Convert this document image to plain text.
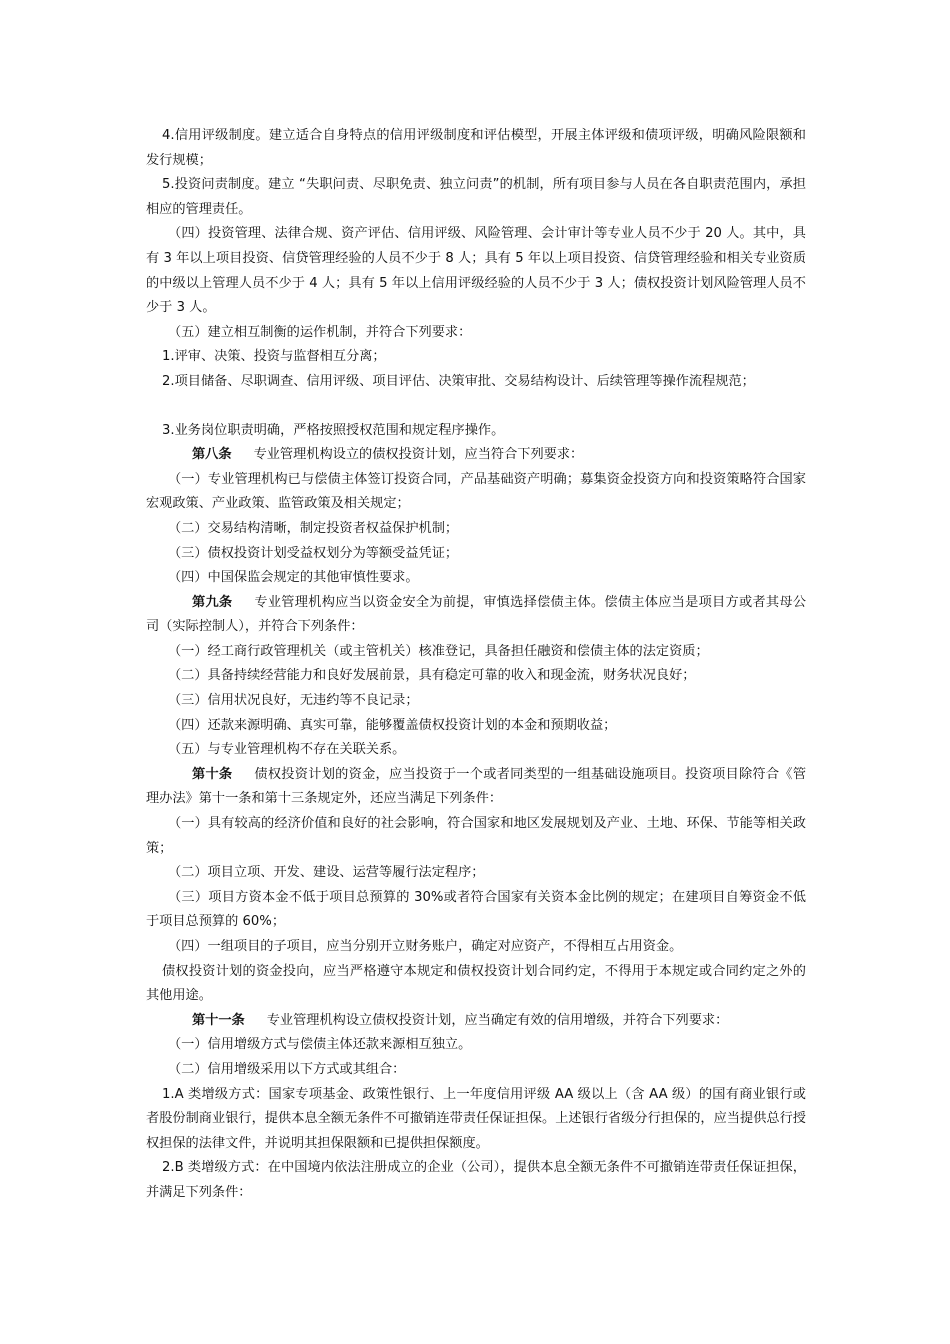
4.信用评级制度。建立适合自身特点的信用评级制度和评估模型，开展主体评级和债项评级，明确风险限额和发行规模；

5.投资问责制度。建立 “失职问责、尽职免责、独立问责”的机制，所有项目参与人员在各自职责范围内，承担相应的管理责任。

（四）投资管理、法律合规、资产评估、信用评级、风险管理、会计审计等专业人员不少于 20 人。其中，具有 3 年以上项目投资、信贷管理经验的人员不少于 8 人；具有 5 年以上项目投资、信贷管理经验和相关专业资质的中级以上管理人员不少于 4 人；具有 5 年以上信用评级经验的人员不少于 3 人；债权投资计划风险管理人员不少于 3 人。

（五）建立相互制衡的运作机制，并符合下列要求：

1.评审、决策、投资与监督相互分离；

2.项目储备、尽职调查、信用评级、项目评估、决策审批、交易结构设计、后续管理等操作流程规范；

3.业务岗位职责明确，严格按照授权范围和规定程序操作。

第八条 专业管理机构设立的债权投资计划，应当符合下列要求：

（一）专业管理机构已与偿债主体签订投资合同，产品基础资产明确；募集资金投资方向和投资策略符合国家宏观政策、产业政策、监管政策及相关规定；

（二）交易结构清晰，制定投资者权益保护机制；

（三）债权投资计划受益权划分为等额受益凭证；

（四）中国保监会规定的其他审慎性要求。

第九条 专业管理机构应当以资金安全为前提，审慎选择偿债主体。偿债主体应当是项目方或者其母公司（实际控制人），并符合下列条件：

（一）经工商行政管理机关（或主管机关）核准登记，具备担任融资和偿债主体的法定资质；

（二）具备持续经营能力和良好发展前景，具有稳定可靠的收入和现金流，财务状况良好；

（三）信用状况良好，无违约等不良记录；

（四）还款来源明确、真实可靠，能够覆盖债权投资计划的本金和预期收益；

（五）与专业管理机构不存在关联关系。

第十条 债权投资计划的资金，应当投资于一个或者同类型的一组基础设施项目。投资项目除符合《管理办法》第十一条和第十三条规定外，还应当满足下列条件：

（一）具有较高的经济价值和良好的社会影响，符合国家和地区发展规划及产业、土地、环保、节能等相关政策；

（二）项目立项、开发、建设、运营等履行法定程序；

（三）项目方资本金不低于项目总预算的 30%或者符合国家有关资本金比例的规定；在建项目自筹资金不低于项目总预算的 60%；

（四）一组项目的子项目，应当分别开立财务账户，确定对应资产，不得相互占用资金。

债权投资计划的资金投向，应当严格遵守本规定和债权投资计划合同约定，不得用于本规定或合同约定之外的其他用途。

第十一条 专业管理机构设立债权投资计划，应当确定有效的信用增级，并符合下列要求：

（一）信用增级方式与偿债主体还款来源相互独立。

（二）信用增级采用以下方式或其组合：

1.A 类增级方式：国家专项基金、政策性银行、上一年度信用评级 AA 级以上（含 AA 级）的国有商业银行或者股份制商业银行，提供本息全额无条件不可撤销连带责任保证担保。上述银行省级分行担保的，应当提供总行授权担保的法律文件，并说明其担保限额和已提供担保额度。

2.B 类增级方式：在中国境内依法注册成立的企业（公司），提供本息全额无条件不可撤销连带责任保证担保，并满足下列条件：
